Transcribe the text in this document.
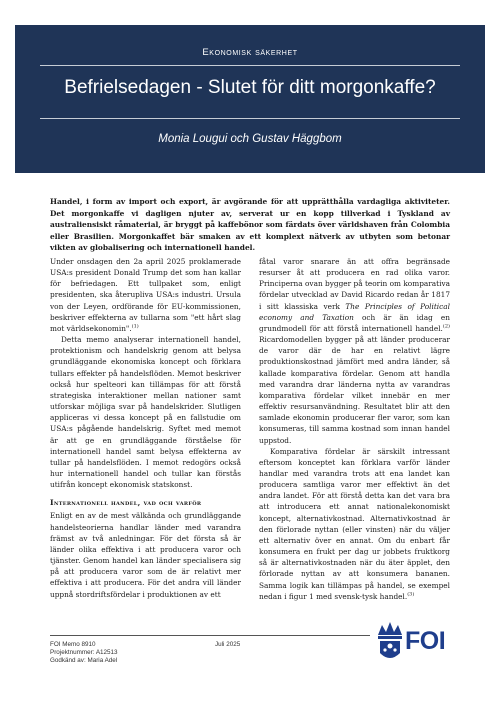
Ekonomisk säkerhet
Befrielsedagen - Slutet för ditt morgonkaffe?
Monia Lougui och Gustav Häggbom

Handel, i form av import och export, är avgörande för att upprätthålla vardagliga aktiviteter. Det morgonkaffe vi dagligen njuter av, serverat ur en kopp tillverkad i Tyskland av australiensiskt råmaterial, är bryggt på kaffebönor som färdats över världshaven från Colombia eller Brasilien. Morgonkaffet bär smaken av ett komplext nätverk av utbyten som betonar vikten av globalisering och internationell handel.

Under onsdagen den 2a april 2025 proklamerade USA:s president Donald Trump det som han kallar för befriedagen. Ett tullpaket som, enligt presidenten, ska återupliva USA:s industri. Ursula von der Leyen, ordförande för EU-kommissionen, beskriver effekterna av tullarna som "ett hårt slag mot världsekonomin".$^{(1)}$

Detta memo analyserar internationell handel, protektionism och handelskrig genom att belysa grundläggande ekonomiska koncept och förklara tullars effekter på handelsflöden. Memot beskriver också hur spelteori kan tillämpas för att förstå strategiska interaktioner mellan nationer samt utforskar möjliga svar på handelskrider. Slutligen appliceras vi dessa koncept på en fallstudie om USA:s pågående handelskrig. Syftet med memot är att ge en grundläggande förståelse för internationell handel samt belysa effekterna av tullar på handelsflöden. I memot redogörs också hur internationell handel och tullar kan förstås utifrån koncept ekonomisk statskonst.

Internationell handel, vad och varför

Enligt en av de mest välkända och grundläggande handelsteorierna handlar länder med varandra främst av två anledningar. För det första så är länder olika effektiva i att producera varor och tjänster. Genom handel kan länder specialisera sig på att producera varor som de är relativt mer effektiva i att producera. För det andra vill länder uppnå stordriftsfördelar i produktionen av ett

fåtal varor snarare än att offra begränsade resurser åt att producera en rad olika varor. Principerna ovan bygger på teorin om komparativa fördelar utvecklad av David Ricardo redan år 1817 i sitt klassiska verk The Principles of Political economy and Taxation och är än idag en grundmodell för att förstå internationell handel.$^{(2)}$ Ricardomodellen bygger på att länder producerar de varor där de har en relativt lägre produktionskostnad jämfört med andra länder, så kallade komparativa fördelar. Genom att handla med varandra drar länderna nytta av varandras komparativa fördelar vilket innebär en mer effektiv resursanvändning. Resultatet blir att den samlade ekonomin producerar fler varor, som kan konsumeras, till samma kostnad som innan handel uppstod.

Komparativa fördelar är särskilt intressant eftersom konceptet kan förklara varför länder handlar med varandra trots att ena landet kan producera samtliga varor mer effektivt än det andra landet. För att förstå detta kan det vara bra att introducera ett annat nationalekonomiskt koncept, alternativkostnad. Alternativkostnad är den förlorade nyttan (eller vinsten) när du väljer ett alternativ över en annat. Om du enbart får konsumera en frukt per dag ur jobbets fruktkorg så är alternativkostnaden när du äter äpplet, den förlorade nyttan av att konsumera bananen. Samma logik kan tillämpas på handel, se exempel nedan i figur 1 med svensk-tysk handel.$^{(3)}$

FOI Memo 8910
Projektnummer: A12513
Godkänd av: Maria Adel
Juli 2025	FOI
